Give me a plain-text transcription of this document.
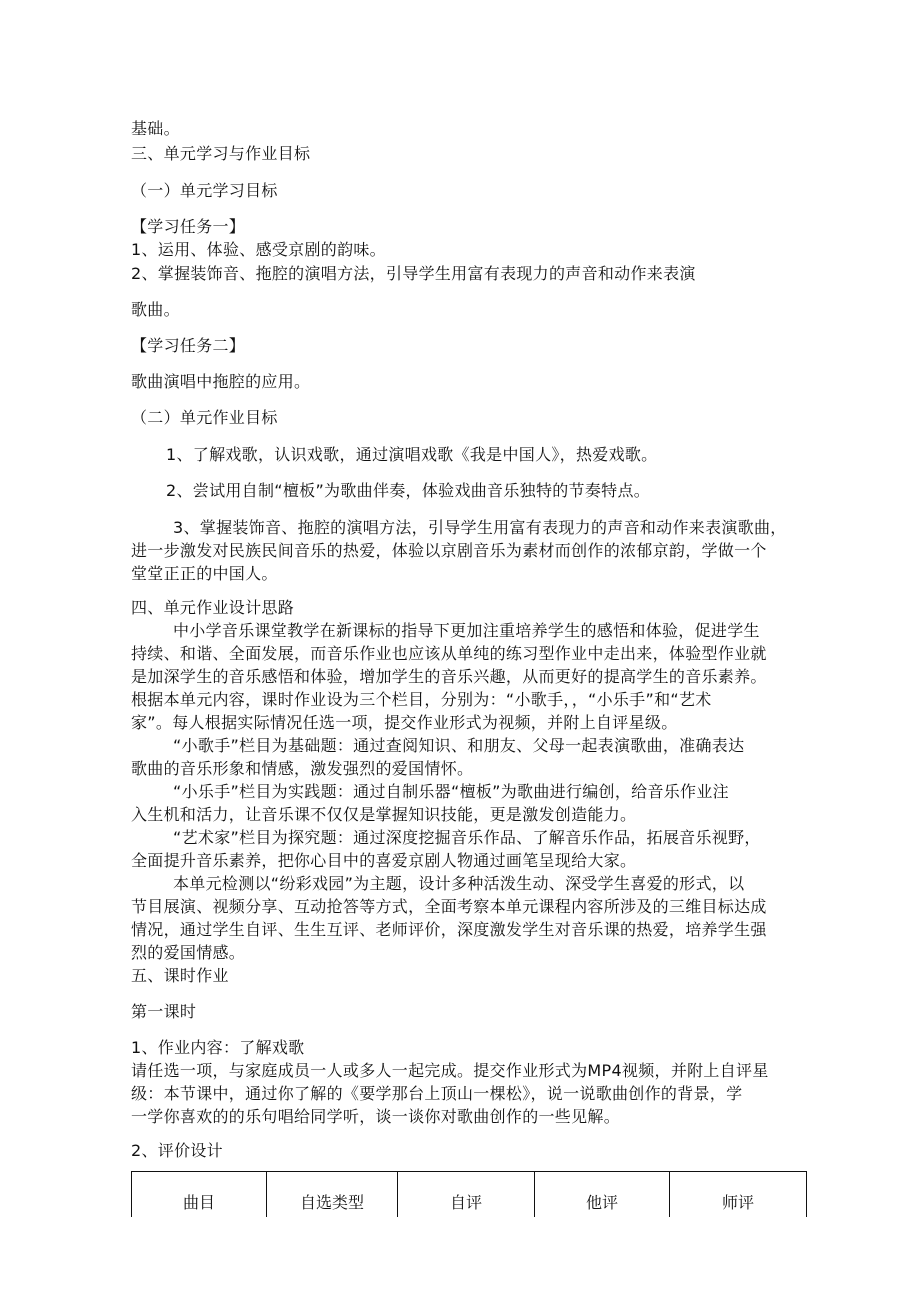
基础。
三、单元学习与作业目标
（一）单元学习目标
【学习任务一】
1、运用、体验、感受京剧的韵味。
2、掌握装饰音、拖腔的演唱方法，引导学生用富有表现力的声音和动作来表演
歌曲。
【学习任务二】
歌曲演唱中拖腔的应用。
（二）单元作业目标
1、了解戏歌，认识戏歌，通过演唱戏歌《我是中国人》，热爱戏歌。
2、尝试用自制“檀板”为歌曲伴奏，体验戏曲音乐独特的节奏特点。
3、掌握装饰音、拖腔的演唱方法，引导学生用富有表现力的声音和动作来表演歌曲，
进一步激发对民族民间音乐的热爱，体验以京剧音乐为素材而创作的浓郁京韵，学做一个
堂堂正正的中国人。
四、单元作业设计思路
中小学音乐课堂教学在新课标的指导下更加注重培养学生的感悟和体验，促进学生
持续、和谐、全面发展，而音乐作业也应该从单纯的练习型作业中走出来，体验型作业就
是加深学生的音乐感悟和体验，增加学生的音乐兴趣，从而更好的提高学生的音乐素养。
根据本单元内容，课时作业设为三个栏目，分别为：“小歌手，，“小乐手”和“艺术
家”。每人根据实际情况任选一项，提交作业形式为视频，并附上自评星级。
“小歌手”栏目为基础题：通过查阅知识、和朋友、父母一起表演歌曲，准确表达
歌曲的音乐形象和情感，激发强烈的爱国情怀。
“小乐手”栏目为实践题：通过自制乐器“檀板”为歌曲进行编创，给音乐作业注
入生机和活力，让音乐课不仅仅是掌握知识技能，更是激发创造能力。
“艺术家”栏目为探究题：通过深度挖掘音乐作品、了解音乐作品，拓展音乐视野，
全面提升音乐素养，把你心目中的喜爱京剧人物通过画笔呈现给大家。
本单元检测以“纷彩戏园”为主题，设计多种活泼生动、深受学生喜爱的形式，以
节目展演、视频分享、互动抢答等方式，全面考察本单元课程内容所涉及的三维目标达成
情况，通过学生自评、生生互评、老师评价，深度激发学生对音乐课的热爱，培养学生强
烈的爱国情感。
五、课时作业
第一课时
1、作业内容：了解戏歌
请任选一项，与家庭成员一人或多人一起完成。提交作业形式为MP4视频，并附上自评星
级：本节课中，通过你了解的《要学那台上顶山一棵松》，说一说歌曲创作的背景，学
一学你喜欢的的乐句唱给同学听，谈一谈你对歌曲创作的一些见解。
2、评价设计
曲目	自选类型	自评	他评	师评
